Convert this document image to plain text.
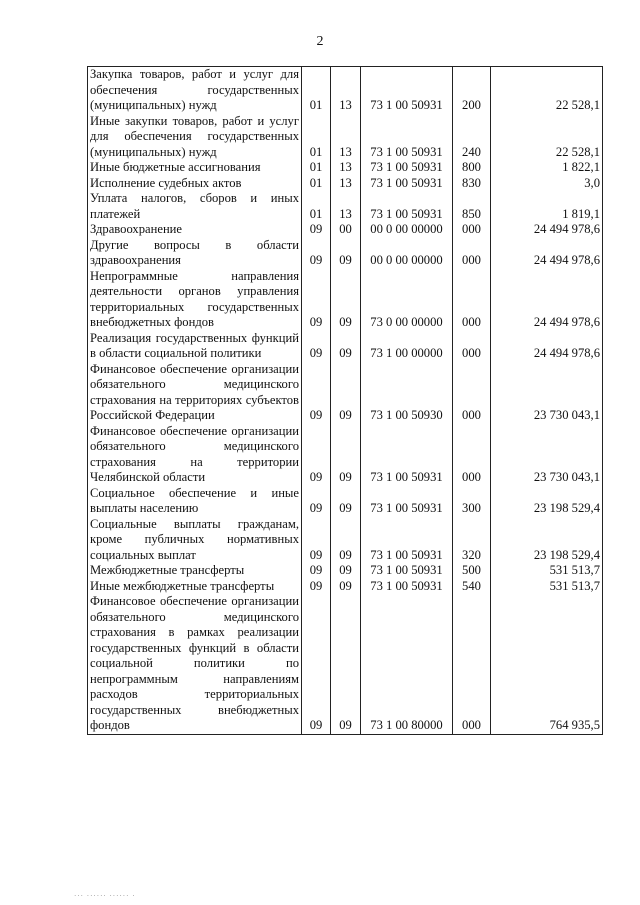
2
Закупка товаров, работ и услуг для обеспечения государственных (муниципальных) нужд	01	13	73 1 00 50931	200	22 528,1
Иные закупки товаров, работ и услуг для обеспечения государственных (муниципальных) нужд	01	13	73 1 00 50931	240	22 528,1
Иные бюджетные ассигнования	01	13	73 1 00 50931	800	1 822,1
Исполнение судебных актов	01	13	73 1 00 50931	830	3,0
Уплата налогов, сборов и иных платежей	01	13	73 1 00 50931	850	1 819,1
Здравоохранение	09	00	00 0 00 00000	000	24 494 978,6
Другие вопросы в области здравоохранения	09	09	00 0 00 00000	000	24 494 978,6
Непрограммные направления деятельности органов управления территориальных государственных внебюджетных фондов	09	09	73 0 00 00000	000	24 494 978,6
Реализация государственных функций в области социальной политики	09	09	73 1 00 00000	000	24 494 978,6
Финансовое обеспечение организации обязательного медицинского страхования на территориях субъектов Российской Федерации	09	09	73 1 00 50930	000	23 730 043,1
Финансовое обеспечение организации обязательного медицинского страхования на территории Челябинской области	09	09	73 1 00 50931	000	23 730 043,1
Социальное обеспечение и иные выплаты населению	09	09	73 1 00 50931	300	23 198 529,4
Социальные выплаты гражданам, кроме публичных нормативных социальных выплат	09	09	73 1 00 50931	320	23 198 529,4
Межбюджетные трансферты	09	09	73 1 00 50931	500	531 513,7
Иные межбюджетные трансферты	09	09	73 1 00 50931	540	531 513,7
Финансовое обеспечение организации обязательного медицинского страхования в рамках реализации государственных функций в области социальной политики по непрограммным направлениям расходов территориальных государственных внебюджетных фондов	09	09	73 1 00 80000	000	764 935,5
··· ······ ······ ·
